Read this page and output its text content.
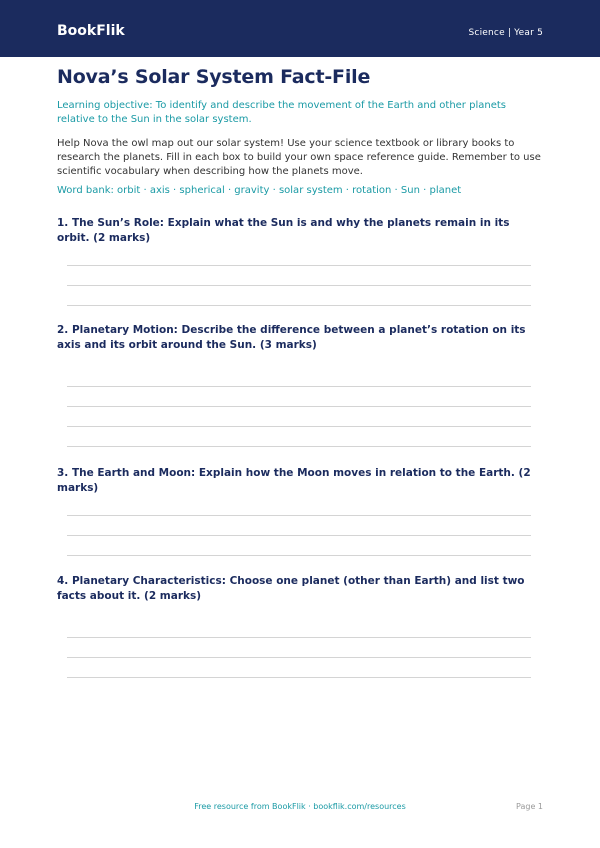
BookFlik	Science | Year 5
Nova’s Solar System Fact-File

Learning objective: To identify and describe the movement of the Earth and other planets relative to the Sun in the solar system.

Help Nova the owl map out our solar system! Use your science textbook or library books to research the planets. Fill in each box to build your own space reference guide. Remember to use scientific vocabulary when describing how the planets move.

Word bank: orbit · axis · spherical · gravity · solar system · rotation · Sun · planet

1. The Sun’s Role: Explain what the Sun is and why the planets remain in its orbit. (2 marks)

2. Planetary Motion: Describe the difference between a planet’s rotation on its axis and its orbit around the Sun. (3 marks)

3. The Earth and Moon: Explain how the Moon moves in relation to the Earth. (2 marks)

4. Planetary Characteristics: Choose one planet (other than Earth) and list two facts about it. (2 marks)

Free resource from BookFlik · bookflik.com/resources	Page 1
